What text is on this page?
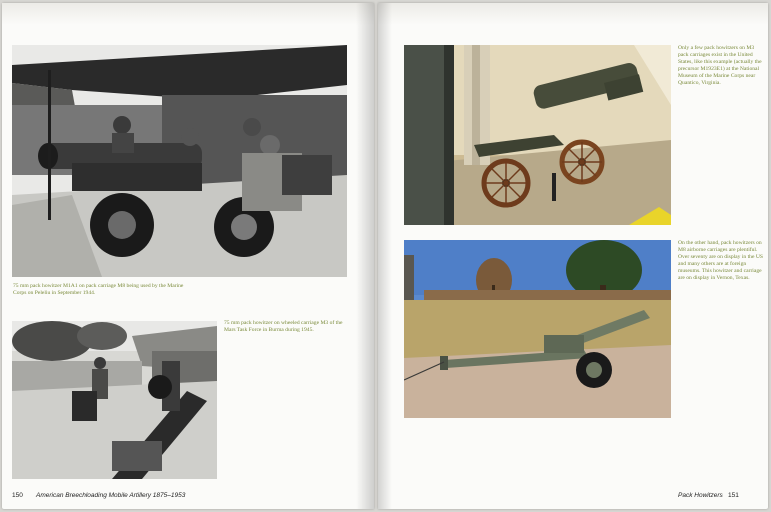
75 mm pack howitzer M1A1 on pack carriage M8 being used by the Marine Corps on Peleliu in September 1944.
75 mm pack howitzer on wheeled carriage M3 of the Mars Task Force in Burma during 1945.
150 American Breechloading Mobile Artillery 1875–1953
Only a few pack howitzers on M3 pack carriages exist in the United States, like this example (actually the precursor M1923E1) at the National Museum of the Marine Corps near Quantico, Virginia.
On the other hand, pack howitzers on M8 airborne carriages are plentiful. Over seventy are on display in the US and many others are at foreign museums. This howitzer and carriage are on display in Vernon, Texas.
Pack Howitzers 151
